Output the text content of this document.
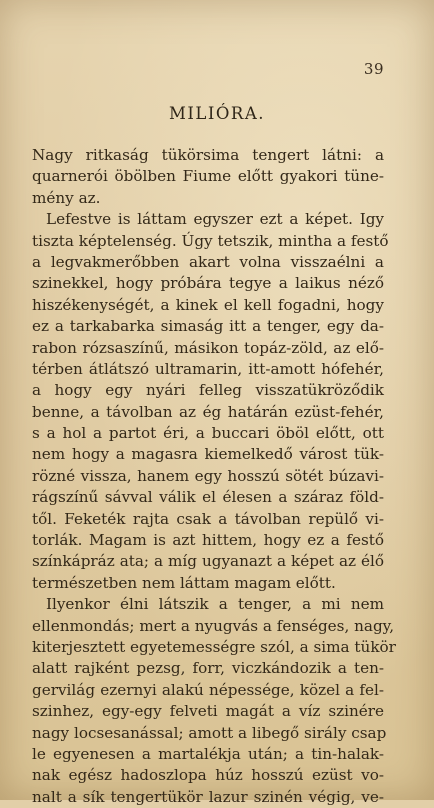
39
MILIÓRA.
Nagy ritkaság tükörsima tengert látni: a
quarnerói öbölben Fiume előtt gyakori tüne-
mény az.
Lefestve is láttam egyszer ezt a képet. Igy
tiszta képtelenség. Úgy tetszik, mintha a festő
a legvakmerőbben akart volna visszaélni a
szinekkel, hogy próbára tegye a laikus néző
hiszékenységét, a kinek el kell fogadni, hogy
ez a tarkabarka simaság itt a tenger, egy da-
rabon rózsaszínű, másikon topáz-zöld, az elő-
térben átlátszó ultramarin, itt-amott hófehér,
a hogy egy nyári felleg visszatükröződik
benne, a távolban az ég határán ezüst-fehér,
s a hol a partot éri, a buccari öböl előtt, ott
nem hogy a magasra kiemelkedő várost tük-
rözné vissza, hanem egy hosszú sötét búzavi-
rágszínű sávval válik el élesen a száraz föld-
től. Feketék rajta csak a távolban repülő vi-
torlák. Magam is azt hittem, hogy ez a festő
színkápráz ata; a míg ugyanazt a képet az élő
természetben nem láttam magam előtt.
Ilyenkor élni látszik a tenger, a mi nem
ellenmondás; mert a nyugvás a fenséges, nagy,
kiterjesztett egyetemességre szól, a sima tükör
alatt rajként pezsg, forr, viczkándozik a ten-
gervilág ezernyi alakú népessége, közel a fel-
szinhez, egy-egy felveti magát a víz szinére
nagy locsesanással; amott a libegő sirály csap
le egyenesen a martalékja után; a tin-halak-
nak egész hadoszlopa húz hosszú ezüst vo-
nalt a sík tengertükör lazur szinén végig, ve-
